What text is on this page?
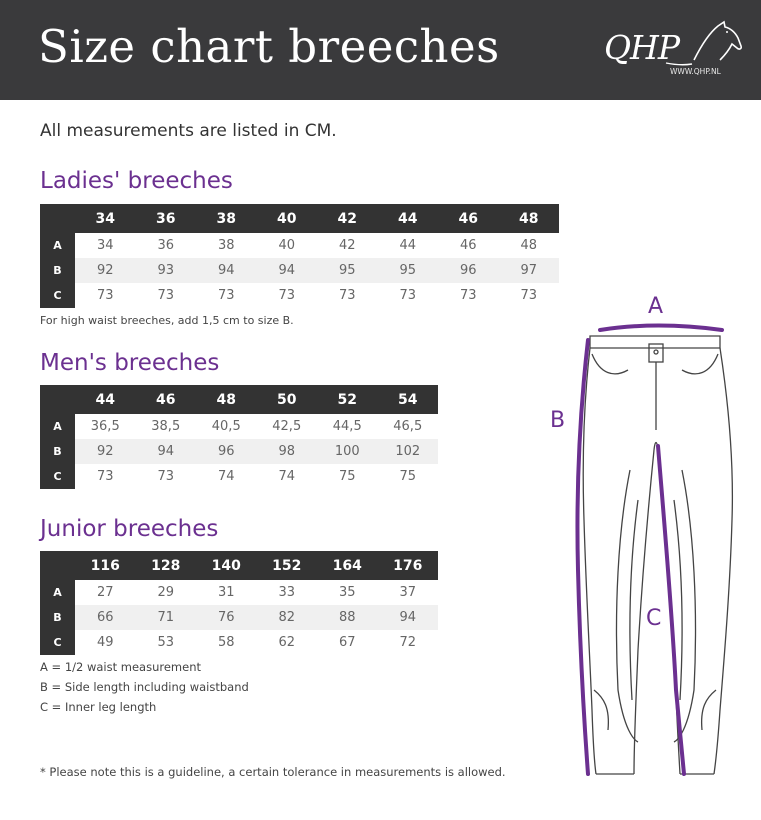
Size chart breeches	QHP
WWW.QHP.NL
All measurements are listed in CM.
Ladies' breeches
	34	36	38	40	42	44	46	48
A	34	36	38	40	42	44	46	48
B	92	93	94	94	95	95	96	97
C	73	73	73	73	73	73	73	73
For high waist breeches, add 1,5 cm to size B.
Men's breeches
	44	46	48	50	52	54
A	36,5	38,5	40,5	42,5	44,5	46,5
B	92	94	96	98	100	102
C	73	73	74	74	75	75
Junior breeches
	116	128	140	152	164	176
A	27	29	31	33	35	37
B	66	71	76	82	88	94
C	49	53	58	62	67	72
A = 1/2 waist measurement
B = Side length including waistband
C = Inner leg length
* Please note this is a guideline, a certain tolerance in measurements is allowed.
A
B
C
